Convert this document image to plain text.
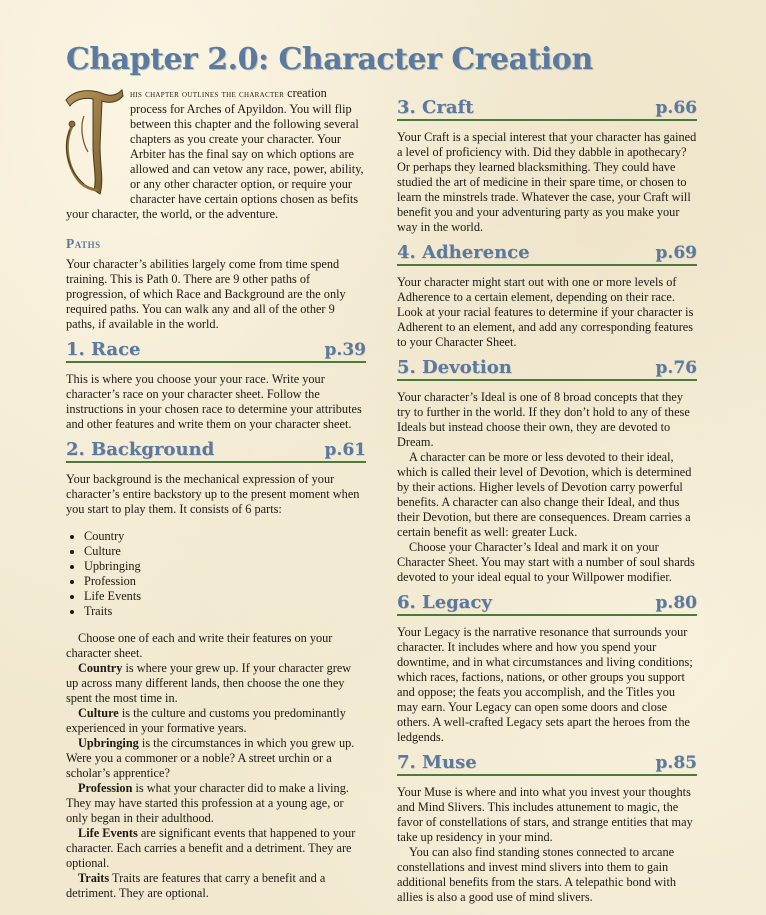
Chapter 2.0: Character Creation

his chapter outlines the character creation process for Arches of Apyildon. You will flip between this chapter and the following several chapters as you create your character. Your Arbiter has the final say on which options are allowed and can vetow any race, power, ability, or any other character option, or require your character have certain options chosen as befits your character, the world, or the adventure.

Paths

Your character’s abilities largely come from time spend training. This is Path 0. There are 9 other paths of progression, of which Race and Background are the only required paths. You can walk any and all of the other 9 paths, if available in the world.

1. Race	p.39

This is where you choose your your race. Write your character’s race on your character sheet. Follow the instructions in your chosen race to determine your attributes and other features and write them on your character sheet.

2. Background	p.61

Your background is the mechanical expression of your character’s entire backstory up to the present moment when you start to play them. It consists of 6 parts:

• Country
• Culture
• Upbringing
• Profession
• Life Events
• Traits

Choose one of each and write their features on your character sheet.

Country is where your grew up. If your character grew up across many different lands, then choose the one they spent the most time in.

Culture is the culture and customs you predominantly experienced in your formative years.

Upbringing is the circumstances in which you grew up. Were you a commoner or a noble? A street urchin or a scholar’s apprentice?

Profession is what your character did to make a living. They may have started this profession at a young age, or only began in their adulthood.

Life Events are significant events that happened to your character. Each carries a benefit and a detriment. They are optional.

Traits Traits are features that carry a benefit and a detriment. They are optional.

3. Craft	p.66

Your Craft is a special interest that your character has gained a level of proficiency with. Did they dabble in apothecary? Or perhaps they learned blacksmithing. They could have studied the art of medicine in their spare time, or chosen to learn the minstrels trade. Whatever the case, your Craft will benefit you and your adventuring party as you make your way in the world.

4. Adherence	p.69

Your character might start out with one or more levels of Adherence to a certain element, depending on their race. Look at your racial features to determine if your character is Adherent to an element, and add any corresponding features to your Character Sheet.

5. Devotion	p.76

Your character’s Ideal is one of 8 broad concepts that they try to further in the world. If they don’t hold to any of these Ideals but instead choose their own, they are devoted to Dream.

A character can be more or less devoted to their ideal, which is called their level of Devotion, which is determined by their actions. Higher levels of Devotion carry powerful benefits. A character can also change their Ideal, and thus their Devotion, but there are consequences. Dream carries a certain benefit as well: greater Luck.

Choose your Character’s Ideal and mark it on your Character Sheet. You may start with a number of soul shards devoted to your ideal equal to your Willpower modifier.

6. Legacy	p.80

Your Legacy is the narrative resonance that surrounds your character. It includes where and how you spend your downtime, and in what circumstances and living conditions; which races, factions, nations, or other groups you support and oppose; the feats you accomplish, and the Titles you may earn. Your Legacy can open some doors and close others. A well-crafted Legacy sets apart the heroes from the ledgends.

7. Muse	p.85

Your Muse is where and into what you invest your thoughts and Mind Slivers. This includes attunement to magic, the favor of constellations of stars, and strange entities that may take up residency in your mind.

You can also find standing stones connected to arcane constellations and invest mind slivers into them to gain additional benefits from the stars. A telepathic bond with allies is also a good use of mind slivers.
